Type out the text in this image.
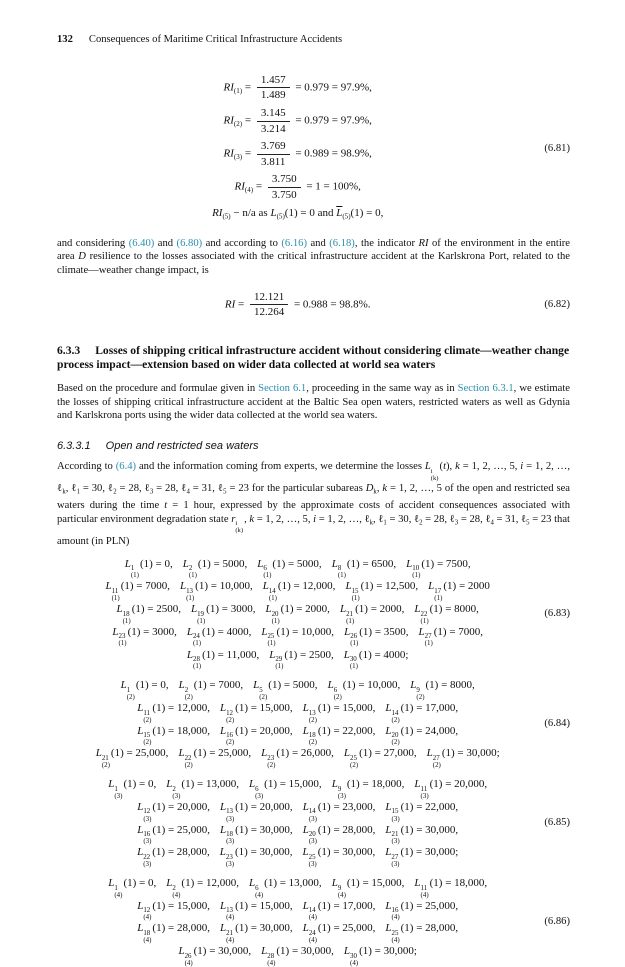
132 Consequences of Maritime Critical Infrastructure Accidents
$RI_{(1)} = \frac{1.457}{1.489} = 0.979 = 97.9\%$,
$RI_{(2)} = \frac{3.145}{3.214} = 0.979 = 97.9\%$,
$RI_{(3)} = \frac{3.769}{3.811} = 0.989 = 98.9\%$,
$RI_{(4)} = \frac{3.750}{3.750} = 1 = 100\%$,
$RI_{(5)} - n/a$ as $L_{(5)}(1) = 0$ and $\overline{L}_{(5)}(1) = 0$,
(6.81)

and considering (6.40) and (6.80) and according to (6.16) and (6.18), the indicator RI of the environment in the entire area D resilience to the losses associated with the critical infrastructure accident at the Karlskrona Port, related to the climate—weather change impact, is

RI = $\frac{12.121}{12.264} = 0.988 = 98.8\%$.	(6.82)
6.3.3 Losses of shipping critical infrastructure accident without considering climate—weather change process impact—extension based on wider data collected at world sea waters

Based on the procedure and formulae given in Section 6.1, proceeding in the same way as in Section 6.3.1, we estimate the losses of shipping critical infrastructure accident at the Baltic Sea open waters, restricted waters as well as Gdynia and Karlskrona ports using the wider data collected at the world sea waters.

6.3.3.1 Open and restricted sea waters

According to (6.4) and the information coming from experts, we determine the losses L i
(k)
(t), k = 1, 2, …, 5, i = 1, 2, …, ℓ$_k$, ℓ$_1$ = 30, ℓ$_2$ = 28, ℓ$_3$ = 28, ℓ$_4$ = 31, ℓ$_5$ = 23 for the particular subareas $D_k$, k = 1, 2, …, 5 of the open and restricted sea waters during the time t = 1 hour, expressed by the approximate costs of accident consequences associated with particular environment degradation state r i
(k)
, k = 1, 2, …, 5, i = 1, 2, …, ℓ$_k$, ℓ$_1$ = 30, ℓ$_2$ = 28, ℓ$_3$ = 28, ℓ$_4$ = 31, ℓ$_5$ = 23 that amount (in PLN)

L 1
(1)
(1) = 0, L 2
(1)
(1) = 5000, L 6
(1)
(1) = 5000, L 8
(1)
(1) = 6500, L 10
(1)
(1) = 7500,
L 11
(1)
(1) = 7000, L 13
(1)
(1) = 10,000, L 14
(1)
(1) = 12,000, L 15
(1)
(1) = 12,500, L 17
(1)
(1) = 2000
L 18
(1)
(1) = 2500, L 19
(1)
(1) = 3000, L 20
(1)
(1) = 2000, L 21
(1)
(1) = 2000, L 22
(1)
(1) = 8000,
L 23
(1)
(1) = 3000, L 24
(1)
(1) = 4000, L 25
(1)
(1) = 10,000, L 26
(1)
(1) = 3500, L 27
(1)
(1) = 7000,
L 28
(1)
(1) = 11,000, L 29
(1)
(1) = 2500, L 30
(1)
(1) = 4000;
(6.83)
L 1
(2)
(1) = 0, L 2
(2)
(1) = 7000, L 5
(2)
(1) = 5000, L 6
(2)
(1) = 10,000, L 9
(2)
(1) = 8000,
L 11
(2)
(1) = 12,000, L 12
(2)
(1) = 15,000, L 13
(2)
(1) = 15,000, L 14
(2)
(1) = 17,000,
L 15
(2)
(1) = 18,000, L 16
(2)
(1) = 20,000, L 18
(2)
(1) = 22,000, L 20
(2)
(1) = 24,000,
L 21
(2)
(1) = 25,000, L 22
(2)
(1) = 25,000, L 23
(2)
(1) = 26,000, L 25
(2)
(1) = 27,000, L 27
(2)
(1) = 30,000;
(6.84)
L 1
(3)
(1) = 0, L 2
(3)
(1) = 13,000, L 6
(3)
(1) = 15,000, L 9
(3)
(1) = 18,000, L 11
(3)
(1) = 20,000,
L 12
(3)
(1) = 20,000, L 13
(3)
(1) = 20,000, L 14
(3)
(1) = 23,000, L 15
(3)
(1) = 22,000,
L 16
(3)
(1) = 25,000, L 18
(3)
(1) = 30,000, L 20
(3)
(1) = 28,000, L 21
(3)
(1) = 30,000,
L 22
(3)
(1) = 28,000, L 23
(3)
(1) = 30,000, L 25
(3)
(1) = 30,000, L 27
(3)
(1) = 30,000;
(6.85)
L 1
(4)
(1) = 0, L 2
(4)
(1) = 12,000, L 6
(4)
(1) = 13,000, L 9
(4)
(1) = 15,000, L 11
(4)
(1) = 18,000,
L 12
(4)
(1) = 15,000, L 13
(4)
(1) = 15,000, L 14
(4)
(1) = 17,000, L 16
(4)
(1) = 25,000,
L 18
(4)
(1) = 28,000, L 21
(4)
(1) = 30,000, L 24
(4)
(1) = 25,000, L 25
(4)
(1) = 28,000,
L 26
(4)
(1) = 30,000, L 28
(4)
(1) = 30,000, L 30
(4)
(1) = 30,000;
(6.86)
